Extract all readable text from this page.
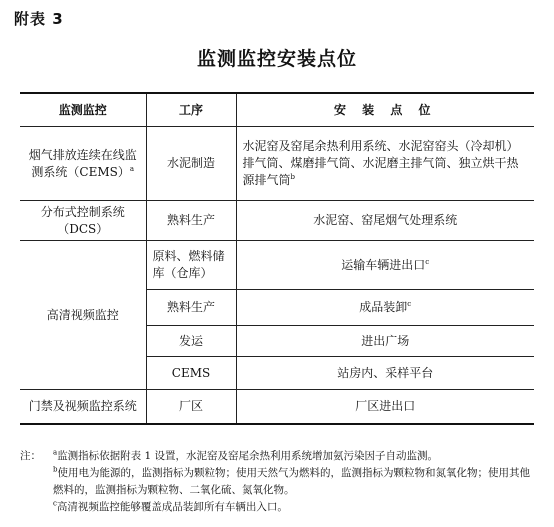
附表 3
监测监控安装点位
监测监控	工序	安 装 点 位
烟气排放连续在线监测系统（CEMS）$^a$	水泥制造	水泥窑及窑尾余热利用系统、水泥窑窑头（冷却机）排气筒、煤磨排气筒、水泥磨主排气筒、独立烘干热源排气筒$^b$
分布式控制系统（DCS）	熟料生产	水泥窑、窑尾烟气处理系统
高清视频监控	原料、燃料储库（仓库）	运输车辆进出口$^c$
	熟料生产	成品装卸$^c$
	发运	进出广场
	CEMS	站房内、采样平台
门禁及视频监控系统	厂区	厂区进出口
注： $^a$监测指标依据附表 1 设置，水泥窑及窑尾余热利用系统增加氨污染因子自动监测。
$^b$使用电为能源的，监测指标为颗粒物；使用天然气为燃料的，监测指标为颗粒物和氮氧化物；使用其他燃料的，监测指标为颗粒物、二氧化硫、氮氧化物。
$^c$高清视频监控能够覆盖成品装卸所有车辆出入口。
